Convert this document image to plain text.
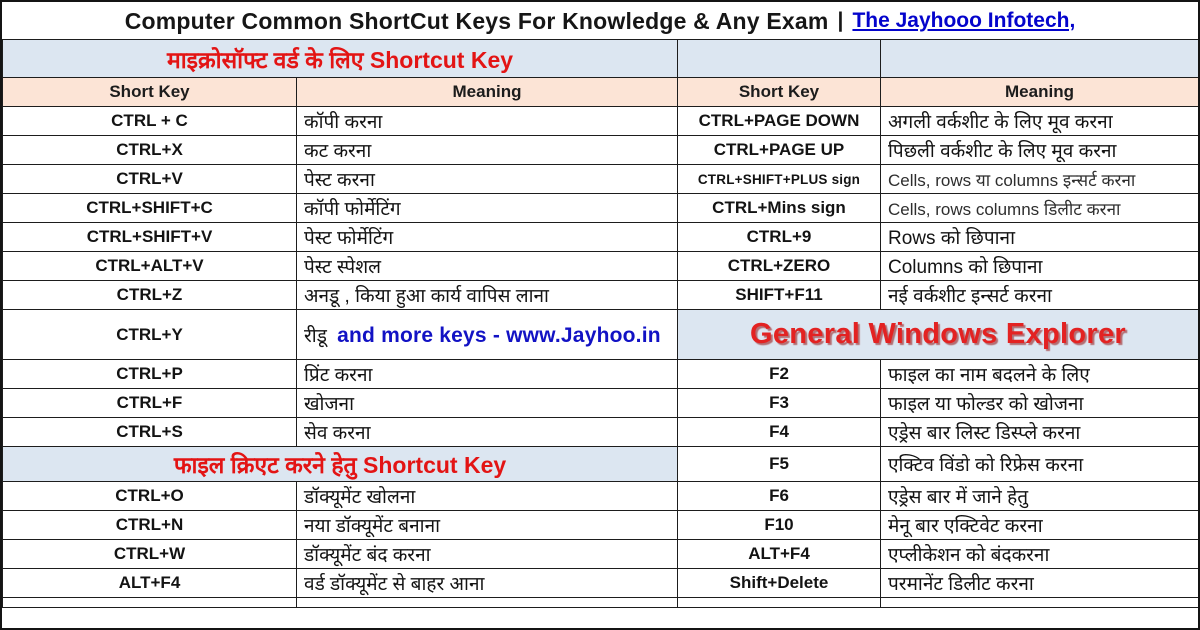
Computer Common ShortCut Keys For Knowledge & Any Exam | The Jayhooo Infotech,
माइक्रोसॉफ्ट वर्ड के लिए Shortcut Key			

Short Key	Meaning	Short Key	Meaning
CTRL + C	कॉपी करना	CTRL+PAGE DOWN	अगली वर्कशीट के लिए मूव करना
CTRL+X	कट करना	CTRL+PAGE UP	पिछली वर्कशीट के लिए मूव करना
CTRL+V	पेस्ट करना	CTRL+SHIFT+PLUS sign	Cells, rows या columns इन्सर्ट करना
CTRL+SHIFT+C	कॉपी फोर्मेटिंग	CTRL+Mins sign	Cells, rows columns डिलीट करना
CTRL+SHIFT+V	पेस्ट फोर्मेटिंग	CTRL+9	Rows को छिपाना
CTRL+ALT+V	पेस्ट स्पेशल	CTRL+ZERO	Columns को छिपाना
CTRL+Z	अनडू , किया हुआ कार्य वापिस लाना	SHIFT+F11	नई वर्कशीट इन्सर्ट करना
CTRL+Y	रीडू and more keys - www.Jayhoo.in	General Windows Explorer	
CTRL+P	प्रिंट करना	F2	फाइल का नाम बदलने के लिए
CTRL+F	खोजना	F3	फाइल या फोल्डर को खोजना
CTRL+S	सेव करना	F4	एड्रेस बार लिस्ट डिस्प्ले करना

फाइल क्रिएट करने हेतु Shortcut Key		F5	एक्टिव विंडो को रिफ्रेस करना
CTRL+O	डॉक्यूमेंट खोलना	F6	एड्रेस बार में जाने हेतु
CTRL+N	नया डॉक्यूमेंट बनाना	F10	मेनू बार एक्टिवेट करना
CTRL+W	डॉक्यूमेंट बंद करना	ALT+F4	एप्लीकेशन को बंदकरना
ALT+F4	वर्ड डॉक्यूमेंट से बाहर आना	Shift+Delete	परमानेंट डिलीट करना
